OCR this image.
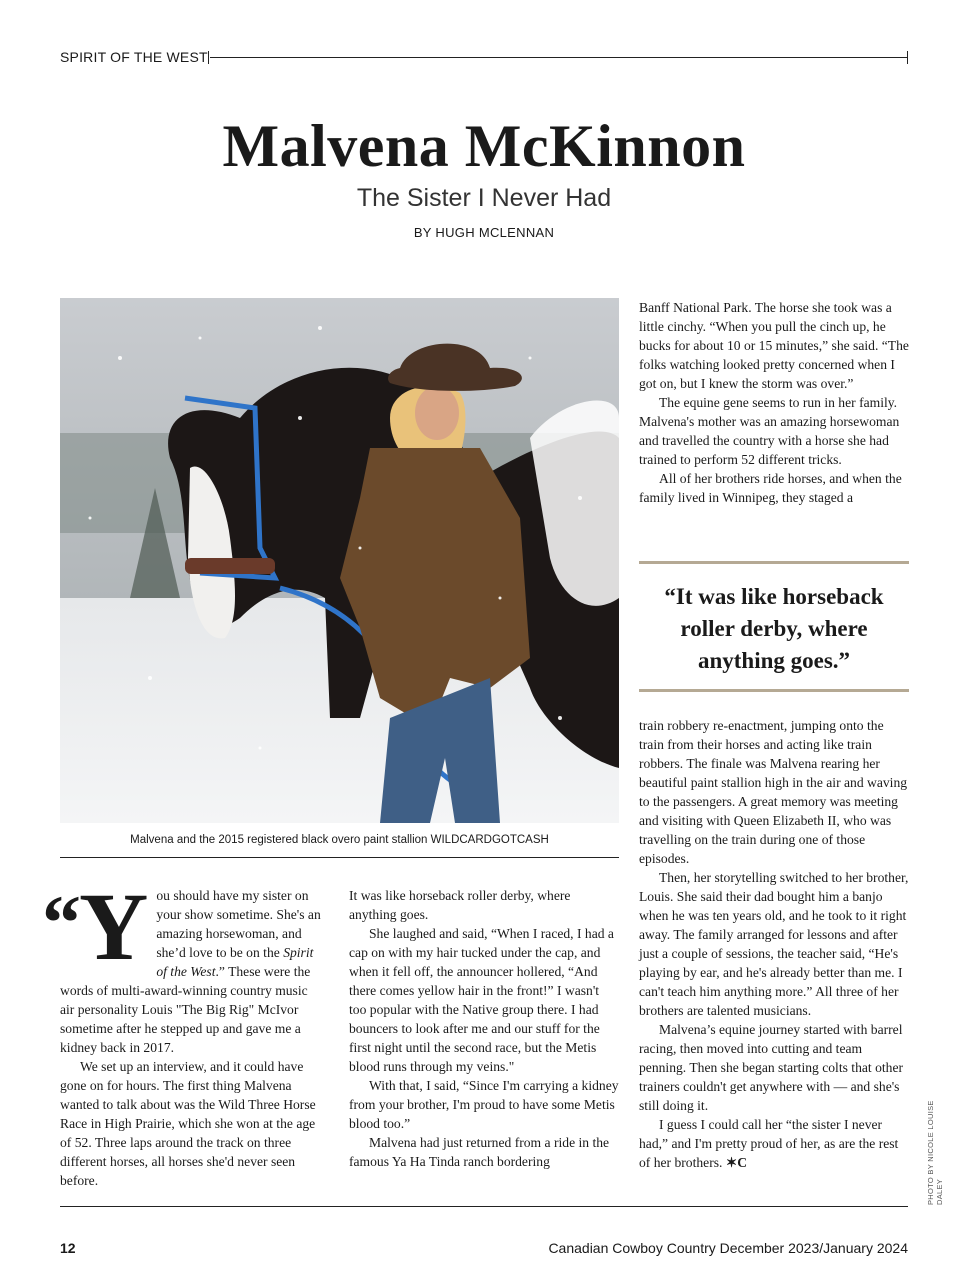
SPIRIT OF THE WEST
Malvena McKinnon
The Sister I Never Had
BY HUGH MCLENNAN
Malvena and the 2015 registered black overo paint stallion WILDCARDGOTCASH

“Y ou should have my sister on your show sometime. She's an amazing horsewoman, and she’d love to be on the Spirit of the West.” These were the words of multi-award-winning country music air personality Louis "The Big Rig" McIvor sometime after he stepped up and gave me a kidney back in 2017.

We set up an interview, and it could have gone on for hours. The first thing Malvena wanted to talk about was the Wild Three Horse Race in High Prairie, which she won at the age of 52. Three laps around the track on three different horses, all horses she'd never seen before.

It was like horseback roller derby, where anything goes.

She laughed and said, “When I raced, I had a cap on with my hair tucked under the cap, and when it fell off, the announcer hollered, “And there comes yellow hair in the front!” I wasn't too popular with the Native group there. I had bouncers to look after me and our stuff for the first night until the second race, but the Metis blood runs through my veins."

With that, I said, “Since I'm carrying a kidney from your brother, I'm proud to have some Metis blood too.”

Malvena had just returned from a ride in the famous Ya Ha Tinda ranch bordering

Banff National Park. The horse she took was a little cinchy. “When you pull the cinch up, he bucks for about 10 or 15 minutes,” she said. “The folks watching looked pretty concerned when I got on, but I knew the storm was over.”

The equine gene seems to run in her family. Malvena's mother was an amazing horsewoman and travelled the country with a horse she had trained to perform 52 different tricks.

All of her brothers ride horses, and when the family lived in Winnipeg, they staged a

“It was like horseback roller derby, where anything goes.”

train robbery re-enactment, jumping onto the train from their horses and acting like train robbers. The finale was Malvena rearing her beautiful paint stallion high in the air and waving to the passengers. A great memory was meeting and visiting with Queen Elizabeth II, who was travelling on the train during one of those episodes.

Then, her storytelling switched to her brother, Louis. She said their dad bought him a banjo when he was ten years old, and he took to it right away. The family arranged for lessons and after just a couple of sessions, the teacher said, “He's playing by ear, and he's already better than me. I can't teach him anything more.” All three of her brothers are talented musicians.

Malvena’s equine journey started with barrel racing, then moved into cutting and team penning. Then she began starting colts that other trainers couldn't get anywhere with — and she's still doing it.

I guess I could call her “the sister I never had,” and I'm pretty proud of her, as are the rest of her brothers. ✶C	PHOTO BY NICOLE LOUISE DALEY
12	Canadian Cowboy Country December 2023/January 2024
